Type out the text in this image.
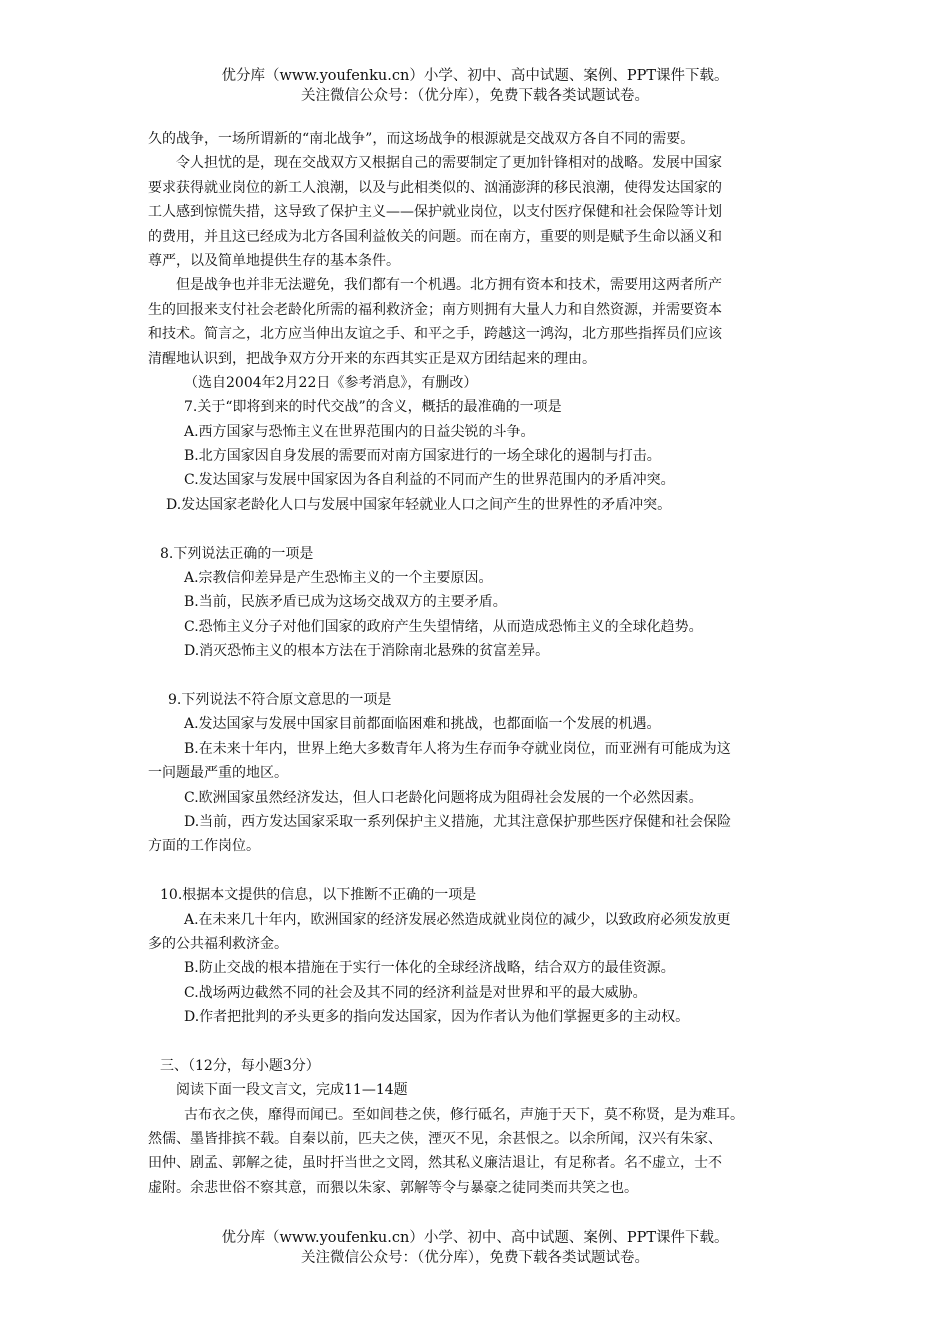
优分库（www.youfenku.cn）小学、初中、高中试题、案例、PPT课件下载。
关注微信公众号：（优分库），免费下载各类试题试卷。
久的战争，一场所谓新的“南北战争”，而这场战争的根源就是交战双方各自不同的需要。
令人担忧的是，现在交战双方又根据自己的需要制定了更加针锋相对的战略。发展中国家
要求获得就业岗位的新工人浪潮，以及与此相类似的、汹涌澎湃的移民浪潮，使得发达国家的
工人感到惊慌失措，这导致了保护主义——保护就业岗位，以支付医疗保健和社会保险等计划
的费用，并且这已经成为北方各国利益攸关的问题。而在南方，重要的则是赋予生命以涵义和
尊严，以及简单地提供生存的基本条件。
但是战争也并非无法避免，我们都有一个机遇。北方拥有资本和技术，需要用这两者所产
生的回报来支付社会老龄化所需的福利救济金；南方则拥有大量人力和自然资源，并需要资本
和技术。简言之，北方应当伸出友谊之手、和平之手，跨越这一鸿沟，北方那些指挥员们应该
清醒地认识到，把战争双方分开来的东西其实正是双方团结起来的理由。
（选自2004年2月22日《参考消息》，有删改）
7.关于“即将到来的时代交战”的含义，概括的最准确的一项是
A.西方国家与恐怖主义在世界范围内的日益尖锐的斗争。
B.北方国家因自身发展的需要而对南方国家进行的一场全球化的遏制与打击。
C.发达国家与发展中国家因为各自利益的不同而产生的世界范围内的矛盾冲突。
D.发达国家老龄化人口与发展中国家年轻就业人口之间产生的世界性的矛盾冲突。
8.下列说法正确的一项是
A.宗教信仰差异是产生恐怖主义的一个主要原因。
B.当前，民族矛盾已成为这场交战双方的主要矛盾。
C.恐怖主义分子对他们国家的政府产生失望情绪，从而造成恐怖主义的全球化趋势。
D.消灭恐怖主义的根本方法在于消除南北悬殊的贫富差异。
9.下列说法不符合原文意思的一项是
A.发达国家与发展中国家目前都面临困难和挑战，也都面临一个发展的机遇。
B.在未来十年内，世界上绝大多数青年人将为生存而争夺就业岗位，而亚洲有可能成为这
一问题最严重的地区。
C.欧洲国家虽然经济发达，但人口老龄化问题将成为阻碍社会发展的一个必然因素。
D.当前，西方发达国家采取一系列保护主义措施，尤其注意保护那些医疗保健和社会保险
方面的工作岗位。
10.根据本文提供的信息，以下推断不正确的一项是
A.在未来几十年内，欧洲国家的经济发展必然造成就业岗位的减少，以致政府必须发放更
多的公共福利救济金。
B.防止交战的根本措施在于实行一体化的全球经济战略，结合双方的最佳资源。
C.战场两边截然不同的社会及其不同的经济利益是对世界和平的最大威胁。
D.作者把批判的矛头更多的指向发达国家，因为作者认为他们掌握更多的主动权。
三、（12分，每小题3分）
阅读下面一段文言文，完成11—14题
古布衣之侠，靡得而闻已。至如闾巷之侠，修行砥名，声施于天下，莫不称贤，是为难耳。
然儒、墨皆排摈不载。自秦以前，匹夫之侠，湮灭不见，余甚恨之。以余所闻，汉兴有朱家、
田仲、剧孟、郭解之徒，虽时扞当世之文罔，然其私义廉洁退让，有足称者。名不虚立，士不
虚附。余悲世俗不察其意，而猥以朱家、郭解等令与暴豪之徒同类而共笑之也。
优分库（www.youfenku.cn）小学、初中、高中试题、案例、PPT课件下载。
关注微信公众号：（优分库），免费下载各类试题试卷。
